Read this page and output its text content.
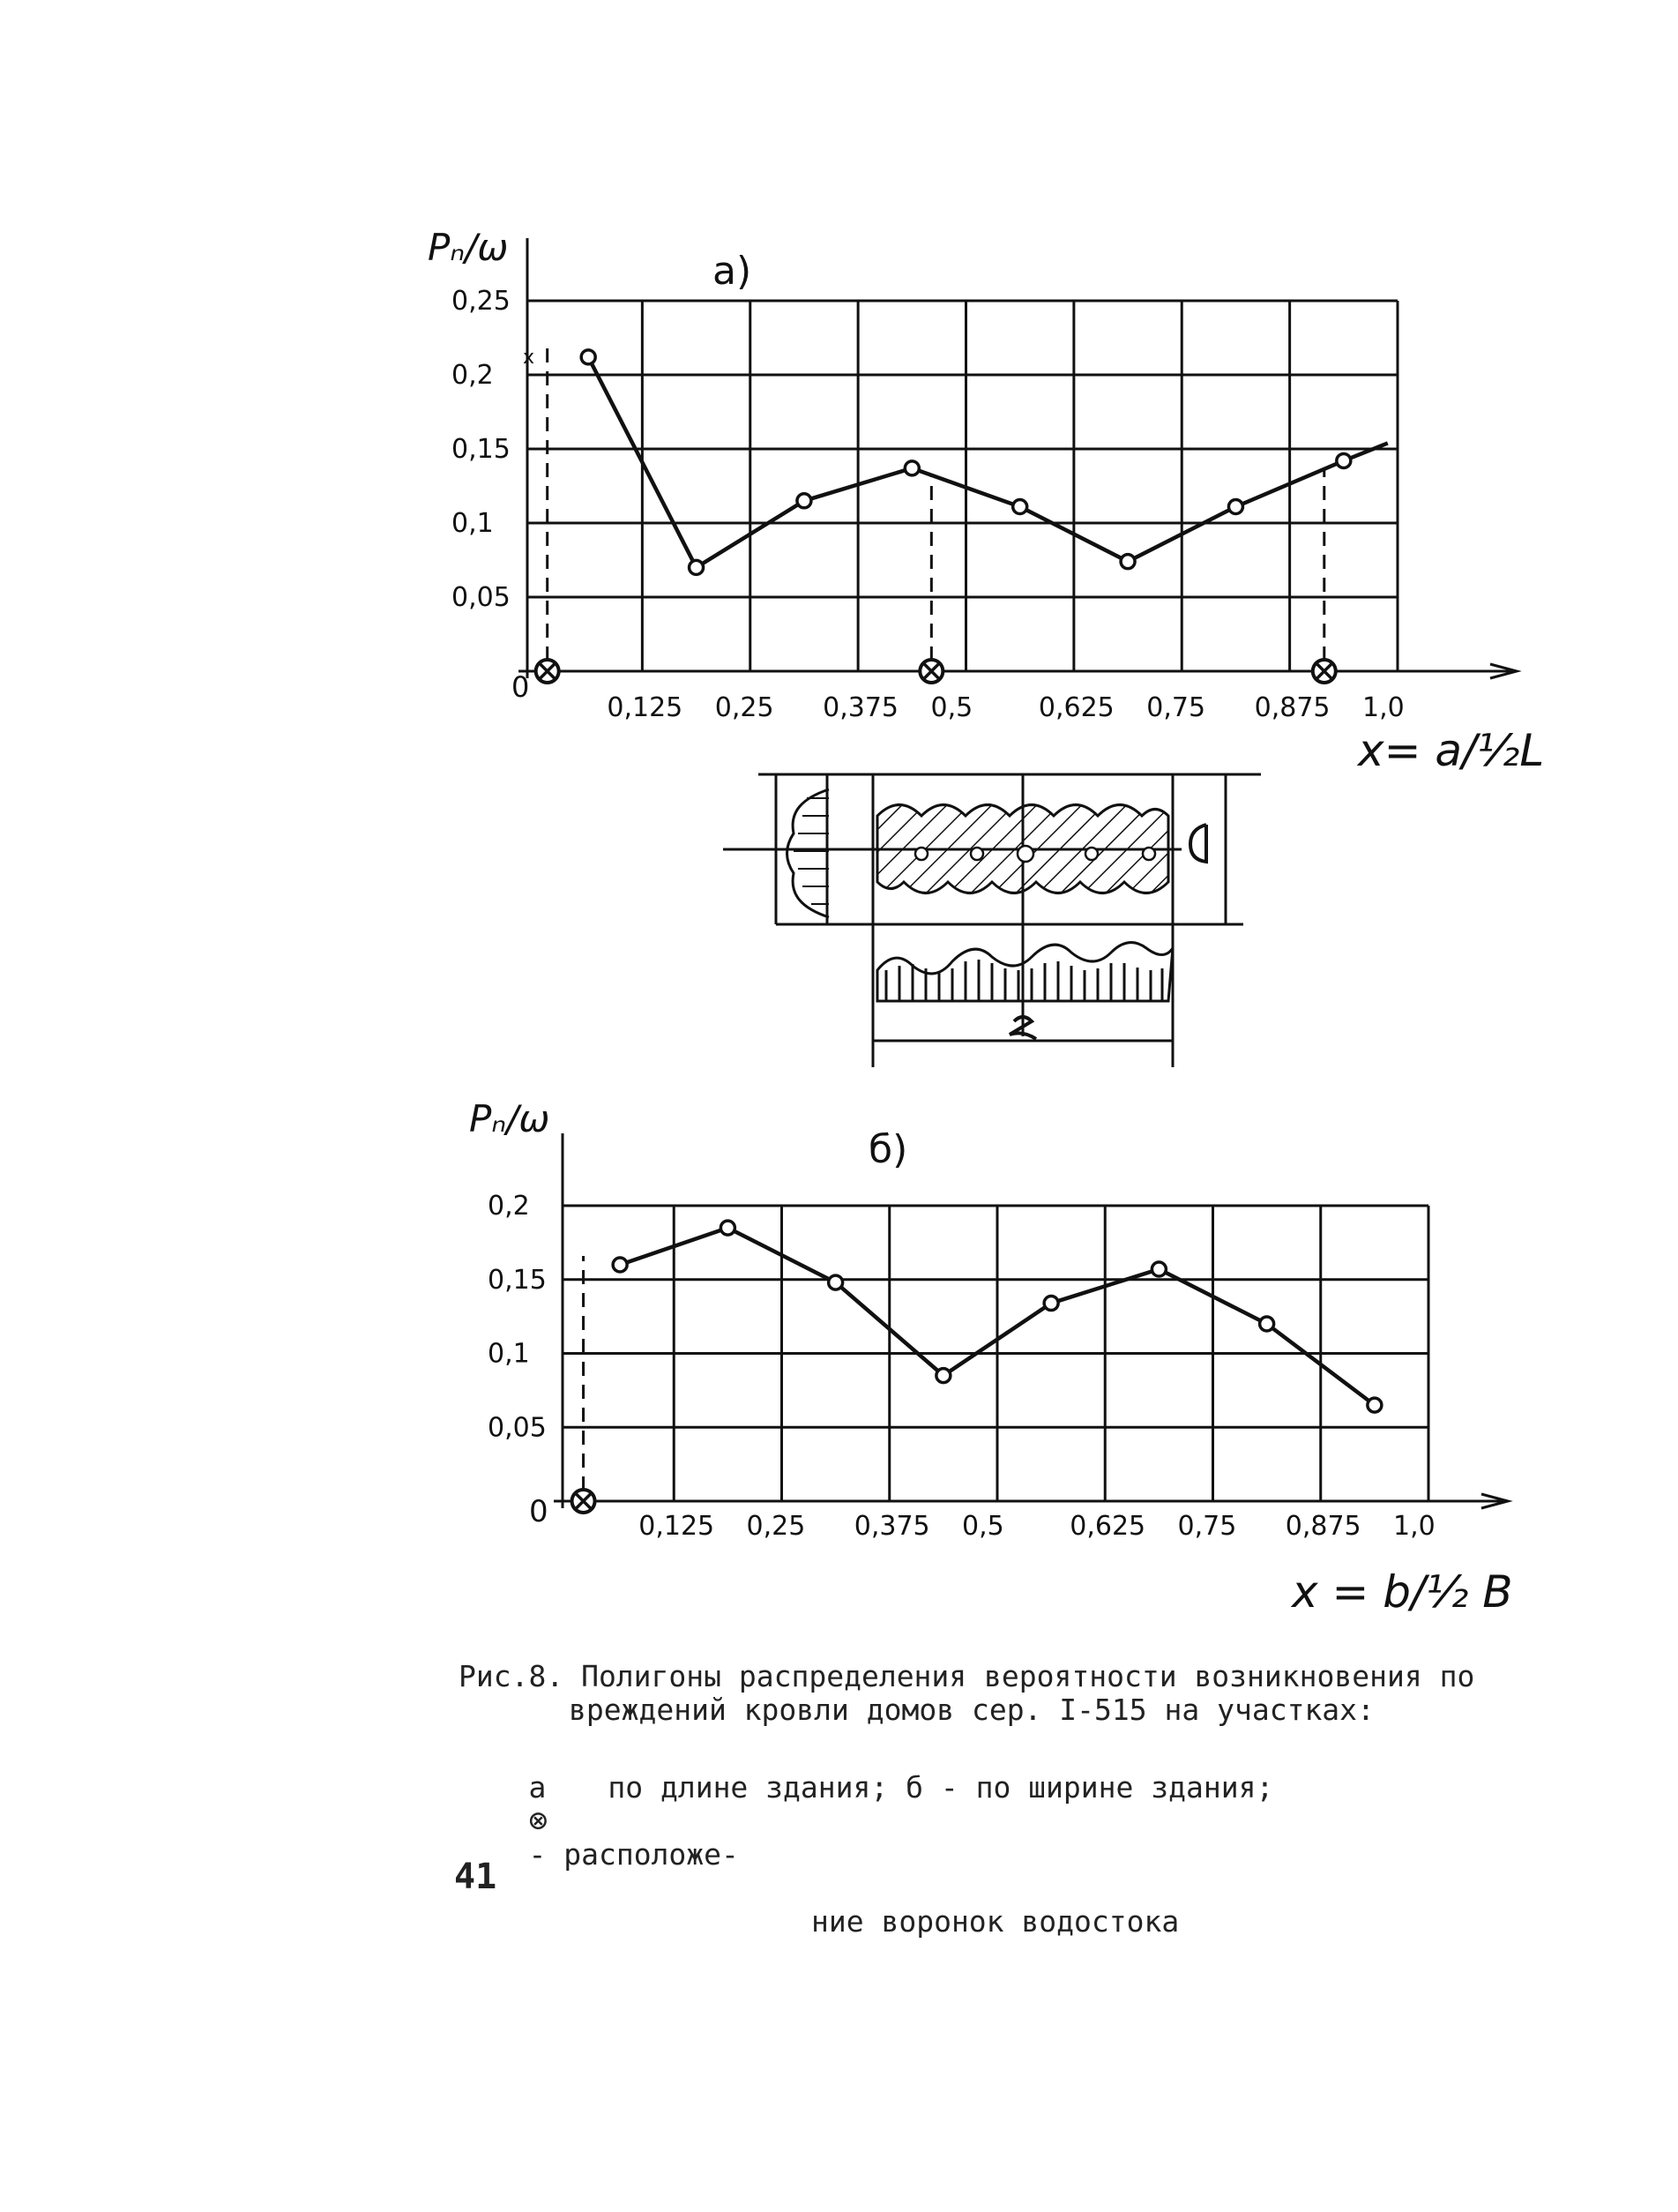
0,125 0,25 0,375 0,5 0,625 0,75 0,875 1,0
0,05
0,1
0,15
0,2
0,25
Pₙ/ω
а)
x= a/½L
0
x
0,125 0,25 0,375 0,5 0,625 0,75 0,875 1,0
0,05
0,1
0,15
0,2
Pₙ/ω
б)
x = b/½ B
0
Рис.8. Полигоны распределения вероятности возникновения по
вреждений кровли домов сер. I-515 на участках:

а по длине здания; б - по ширине здания;
⊗
- расположе-

ние воронок водостока
41
